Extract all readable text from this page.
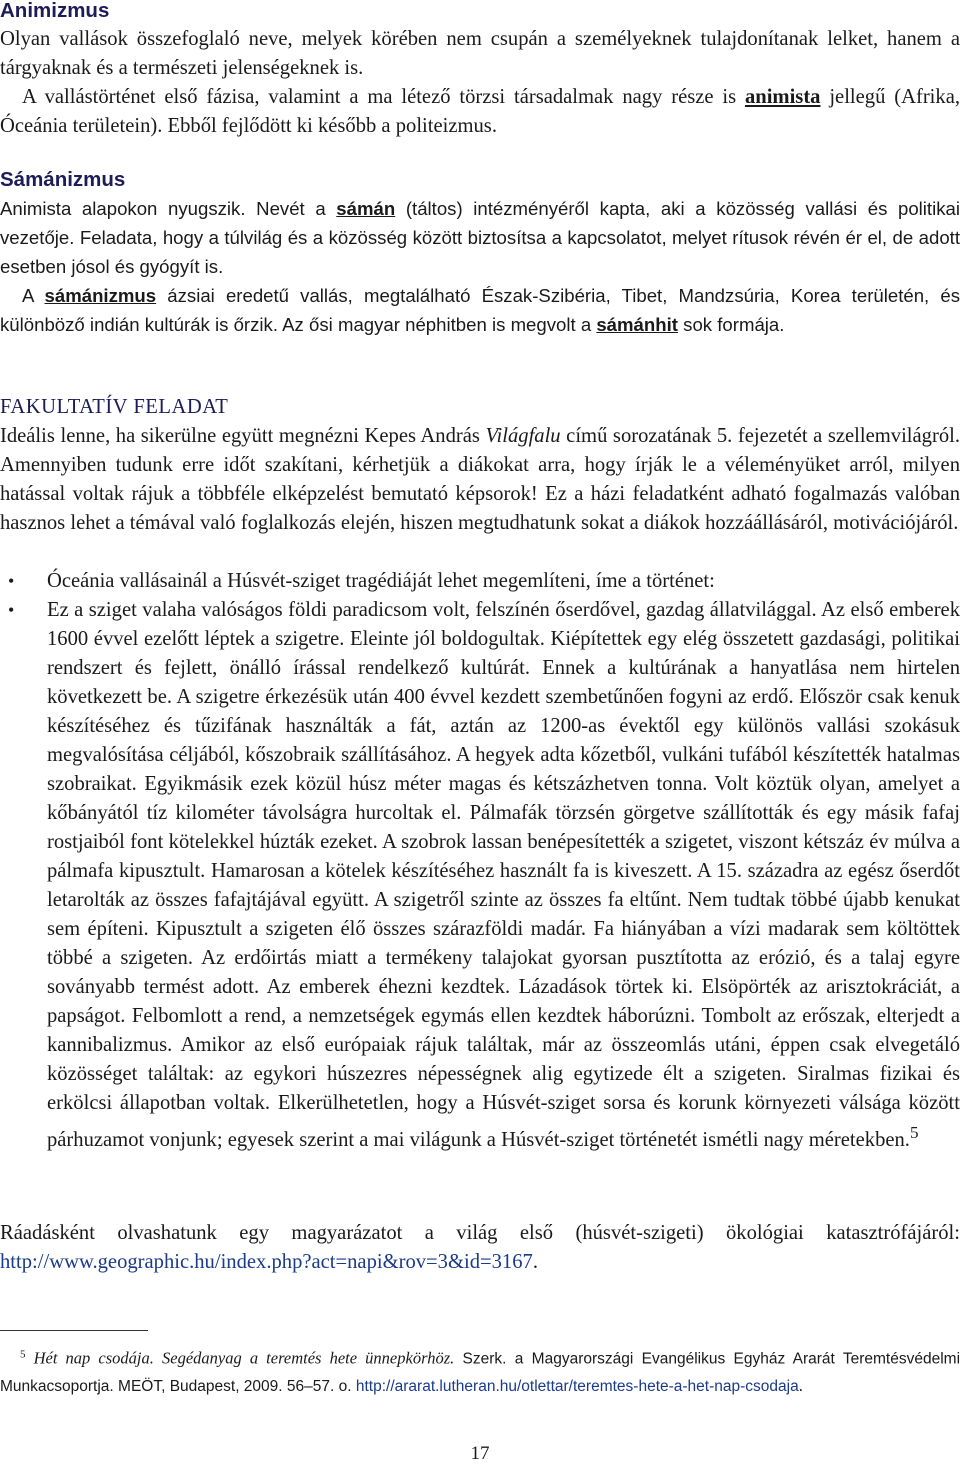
Animizmus
Olyan vallások összefoglaló neve, melyek körében nem csupán a személyeknek tulajdonítanak lelket, hanem a tárgyaknak és a természeti jelenségeknek is.
A vallástörténet első fázisa, valamint a ma létező törzsi társadalmak nagy része is animista jellegű (Afrika, Óceánia területein). Ebből fejlődött ki később a politeizmus.
Sámánizmus
Animista alapokon nyugszik. Nevét a sámán (táltos) intézményéről kapta, aki a közösség vallási és politikai vezetője. Feladata, hogy a túlvilág és a közösség között biztosítsa a kapcsolatot, melyet rítusok révén ér el, de adott esetben jósol és gyógyít is.
A sámánizmus ázsiai eredetű vallás, megtalálható Észak-Szibéria, Tibet, Mandzsúria, Korea területén, és különböző indián kultúrák is őrzik. Az ősi magyar néphitben is megvolt a sámánhit sok formája.
FAKULTATÍV FELADAT
Ideális lenne, ha sikerülne együtt megnézni Kepes András Világfalu című sorozatának 5. fejezetét a szellemvilágról. Amennyiben tudunk erre időt szakítani, kérhetjük a diákokat arra, hogy írják le a véleményüket arról, milyen hatással voltak rájuk a többféle elképzelést bemutató képsorok! Ez a házi feladatként adható fogalmazás valóban hasznos lehet a témával való foglalkozás elején, hiszen megtudhatunk sokat a diákok hozzáállásáról, motivációjáról.
• Óceánia vallásainál a Húsvét-sziget tragédiáját lehet megemlíteni, íme a történet:
• Ez a sziget valaha valóságos földi paradicsom volt, felszínén őserdővel, gazdag állatvilággal. Az első emberek 1600 évvel ezelőtt léptek a szigetre. Eleinte jól boldogultak. Kiépítettek egy elég összetett gazdasági, politikai rendszert és fejlett, önálló írással rendelkező kultúrát. Ennek a kultúrának a hanyatlása nem hirtelen következett be. A szigetre érkezésük után 400 évvel kezdett szembetűnően fogyni az erdő. Először csak kenuk készítéséhez és tűzifának használták a fát, aztán az 1200-as évektől egy különös vallási szokásuk megvalósítása céljából, kőszobraik szállításához. A hegyek adta kőzetből, vulkáni tufából készítették hatalmas szobraikat. Egyikmásik ezek közül húsz méter magas és kétszázhetven tonna. Volt köztük olyan, amelyet a kőbányától tíz kilométer távolságra hurcoltak el. Pálmafák törzsén görgetve szállították és egy másik fafaj rostjaiból font kötelekkel húzták ezeket. A szobrok lassan benépesítették a szigetet, viszont kétszáz év múlva a pálmafa kipusztult. Hamarosan a kötelek készítéséhez használt fa is kiveszett. A 15. századra az egész őserdőt letarolták az összes fafajtájával együtt. A szigetről szinte az összes fa eltűnt. Nem tudtak többé újabb kenukat sem építeni. Kipusztult a szigeten élő összes szárazföldi madár. Fa hiányában a vízi madarak sem költöttek többé a szigeten. Az erdőirtás miatt a termékeny talajokat gyorsan pusztította az erózió, és a talaj egyre soványabb termést adott. Az emberek éhezni kezdtek. Lázadások törtek ki. Elsöpörték az arisztokráciát, a papságot. Felbomlott a rend, a nemzetségek egymás ellen kezdtek háborúzni. Tombolt az erőszak, elterjedt a kannibalizmus. Amikor az első európaiak rájuk találtak, már az összeomlás utáni, éppen csak elvegetáló közösséget találtak: az egykori húszezres népességnek alig egytizede élt a szigeten. Siralmas fizikai és erkölcsi állapotban voltak. Elkerülhetetlen, hogy a Húsvét-sziget sorsa és korunk környezeti válsága között párhuzamot vonjunk; egyesek szerint a mai világunk a Húsvét-sziget történetét ismétli nagy méretekben.$^5$
Ráadásként olvashatunk egy magyarázatot a világ első (húsvét-szigeti) ökológiai katasztrófájáról: http://www.geographic.hu/index.php?act=napi&rov=3&id=3167.
$^5$ Hét nap csodája. Segédanyag a teremtés hete ünnepkörhöz. Szerk. a Magyarországi Evangélikus Egyház Ararát Teremtésvédelmi Munkacsoportja. MEÖT, Budapest, 2009. 56–57. o. http://ararat.lutheran.hu/otlettar/teremtes-hete-a-het-nap-csodaja.
17
